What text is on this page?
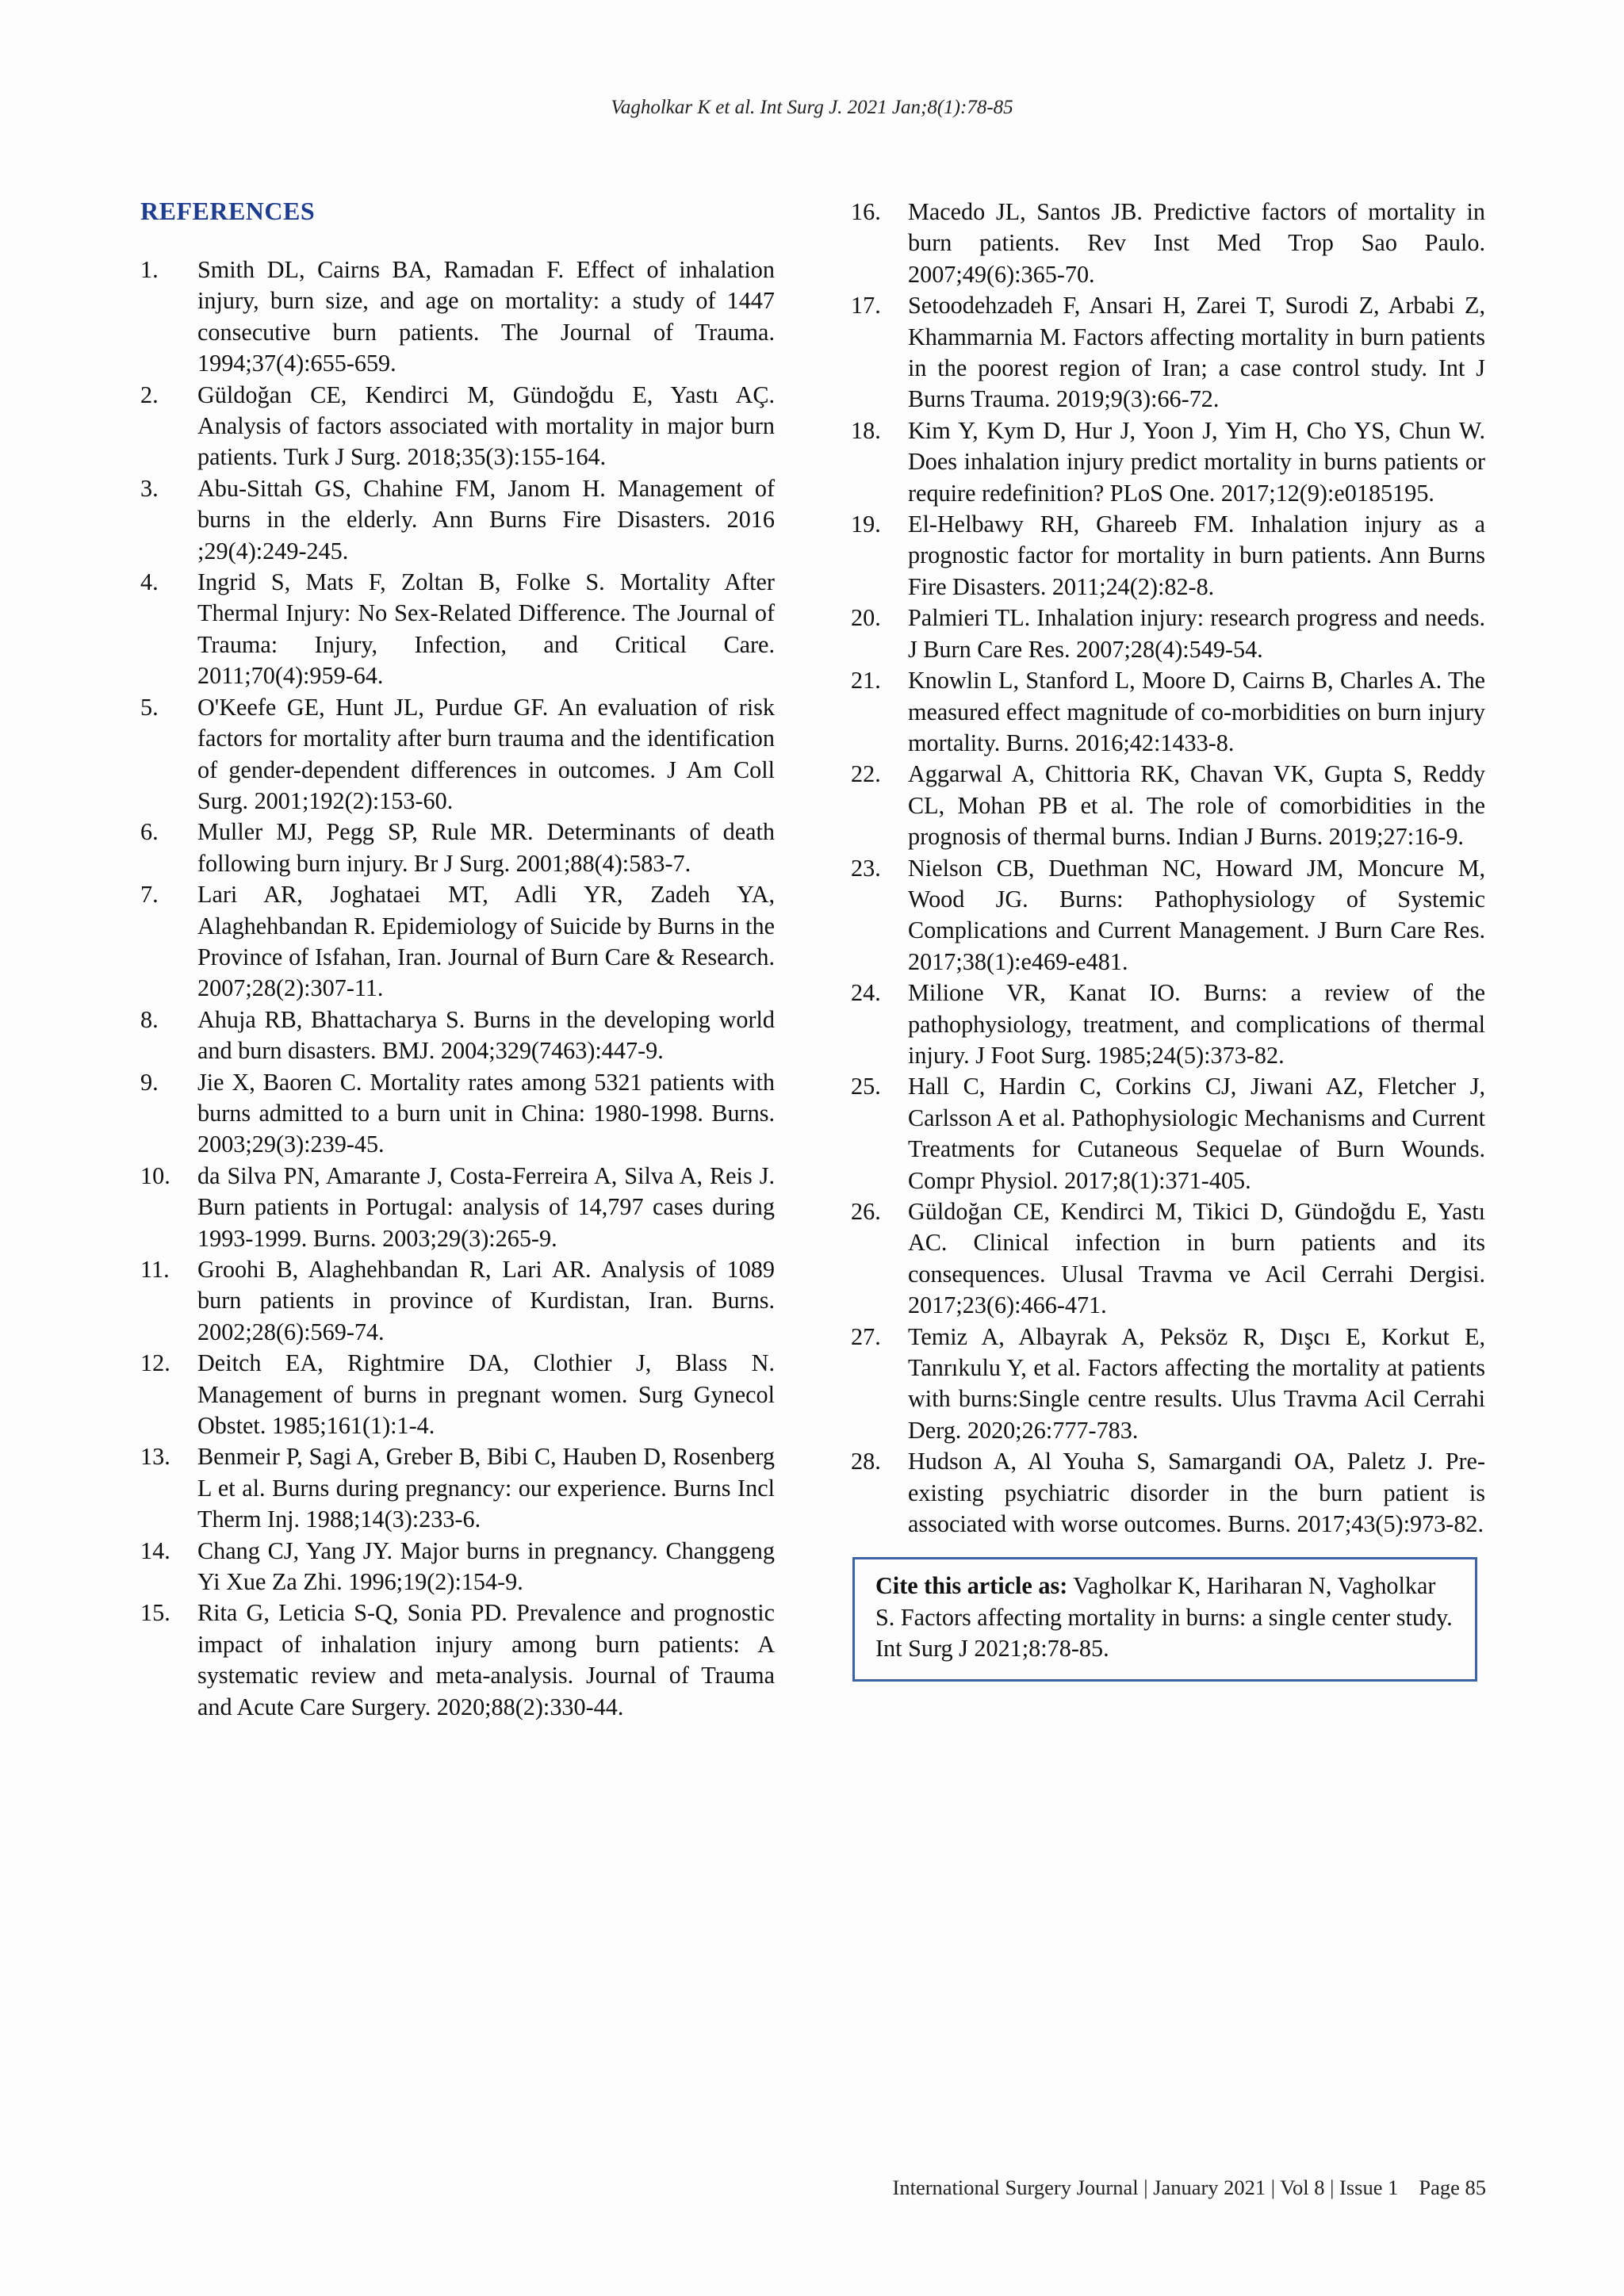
Vagholkar K et al. Int Surg J. 2021 Jan;8(1):78-85
REFERENCES
1. Smith DL, Cairns BA, Ramadan F. Effect of inhalation injury, burn size, and age on mortality: a study of 1447 consecutive burn patients. The Journal of Trauma. 1994;37(4):655-659.
2. Güldoğan CE, Kendirci M, Gündoğdu E, Yastı AÇ. Analysis of factors associated with mortality in major burn patients. Turk J Surg. 2018;35(3):155-164.
3. Abu-Sittah GS, Chahine FM, Janom H. Management of burns in the elderly. Ann Burns Fire Disasters. 2016 ;29(4):249-245.
4. Ingrid S, Mats F, Zoltan B, Folke S. Mortality After Thermal Injury: No Sex-Related Difference. The Journal of Trauma: Injury, Infection, and Critical Care. 2011;70(4):959-64.
5. O'Keefe GE, Hunt JL, Purdue GF. An evaluation of risk factors for mortality after burn trauma and the identification of gender-dependent differences in outcomes. J Am Coll Surg. 2001;192(2):153-60.
6. Muller MJ, Pegg SP, Rule MR. Determinants of death following burn injury. Br J Surg. 2001;88(4):583-7.
7. Lari AR, Joghataei MT, Adli YR, Zadeh YA, Alaghehbandan R. Epidemiology of Suicide by Burns in the Province of Isfahan, Iran. Journal of Burn Care & Research. 2007;28(2):307-11.
8. Ahuja RB, Bhattacharya S. Burns in the developing world and burn disasters. BMJ. 2004;329(7463):447-9.
9. Jie X, Baoren C. Mortality rates among 5321 patients with burns admitted to a burn unit in China: 1980-1998. Burns. 2003;29(3):239-45.
10. da Silva PN, Amarante J, Costa-Ferreira A, Silva A, Reis J. Burn patients in Portugal: analysis of 14,797 cases during 1993-1999. Burns. 2003;29(3):265-9.
11. Groohi B, Alaghehbandan R, Lari AR. Analysis of 1089 burn patients in province of Kurdistan, Iran. Burns. 2002;28(6):569-74.
12. Deitch EA, Rightmire DA, Clothier J, Blass N. Management of burns in pregnant women. Surg Gynecol Obstet. 1985;161(1):1-4.
13. Benmeir P, Sagi A, Greber B, Bibi C, Hauben D, Rosenberg L et al. Burns during pregnancy: our experience. Burns Incl Therm Inj. 1988;14(3):233-6.
14. Chang CJ, Yang JY. Major burns in pregnancy. Changgeng Yi Xue Za Zhi. 1996;19(2):154-9.
15. Rita G, Leticia S-Q, Sonia PD. Prevalence and prognostic impact of inhalation injury among burn patients: A systematic review and meta-analysis. Journal of Trauma and Acute Care Surgery. 2020;88(2):330-44.
16. Macedo JL, Santos JB. Predictive factors of mortality in burn patients. Rev Inst Med Trop Sao Paulo. 2007;49(6):365-70.
17. Setoodehzadeh F, Ansari H, Zarei T, Surodi Z, Arbabi Z, Khammarnia M. Factors affecting mortality in burn patients in the poorest region of Iran; a case control study. Int J Burns Trauma. 2019;9(3):66-72.
18. Kim Y, Kym D, Hur J, Yoon J, Yim H, Cho YS, Chun W. Does inhalation injury predict mortality in burns patients or require redefinition? PLoS One. 2017;12(9):e0185195.
19. El-Helbawy RH, Ghareeb FM. Inhalation injury as a prognostic factor for mortality in burn patients. Ann Burns Fire Disasters. 2011;24(2):82-8.
20. Palmieri TL. Inhalation injury: research progress and needs. J Burn Care Res. 2007;28(4):549-54.
21. Knowlin L, Stanford L, Moore D, Cairns B, Charles A. The measured effect magnitude of co-morbidities on burn injury mortality. Burns. 2016;42:1433-8.
22. Aggarwal A, Chittoria RK, Chavan VK, Gupta S, Reddy CL, Mohan PB et al. The role of comorbidities in the prognosis of thermal burns. Indian J Burns. 2019;27:16-9.
23. Nielson CB, Duethman NC, Howard JM, Moncure M, Wood JG. Burns: Pathophysiology of Systemic Complications and Current Management. J Burn Care Res. 2017;38(1):e469-e481.
24. Milione VR, Kanat IO. Burns: a review of the pathophysiology, treatment, and complications of thermal injury. J Foot Surg. 1985;24(5):373-82.
25. Hall C, Hardin C, Corkins CJ, Jiwani AZ, Fletcher J, Carlsson A et al. Pathophysiologic Mechanisms and Current Treatments for Cutaneous Sequelae of Burn Wounds. Compr Physiol. 2017;8(1):371-405.
26. Güldoğan CE, Kendirci M, Tikici D, Gündoğdu E, Yastı AC. Clinical infection in burn patients and its consequences. Ulusal Travma ve Acil Cerrahi Dergisi. 2017;23(6):466-471.
27. Temiz A, Albayrak A, Peksöz R, Dışcı E, Korkut E, Tanrıkulu Y, et al. Factors affecting the mortality at patients with burns:Single centre results. Ulus Travma Acil Cerrahi Derg. 2020;26:777-783.
28. Hudson A, Al Youha S, Samargandi OA, Paletz J. Pre-existing psychiatric disorder in the burn patient is associated with worse outcomes. Burns. 2017;43(5):973-82.
Cite this article as: Vagholkar K, Hariharan N, Vagholkar S. Factors affecting mortality in burns: a single center study. Int Surg J 2021;8:78-85.
International Surgery Journal | January 2021 | Vol 8 | Issue 1 Page 85
